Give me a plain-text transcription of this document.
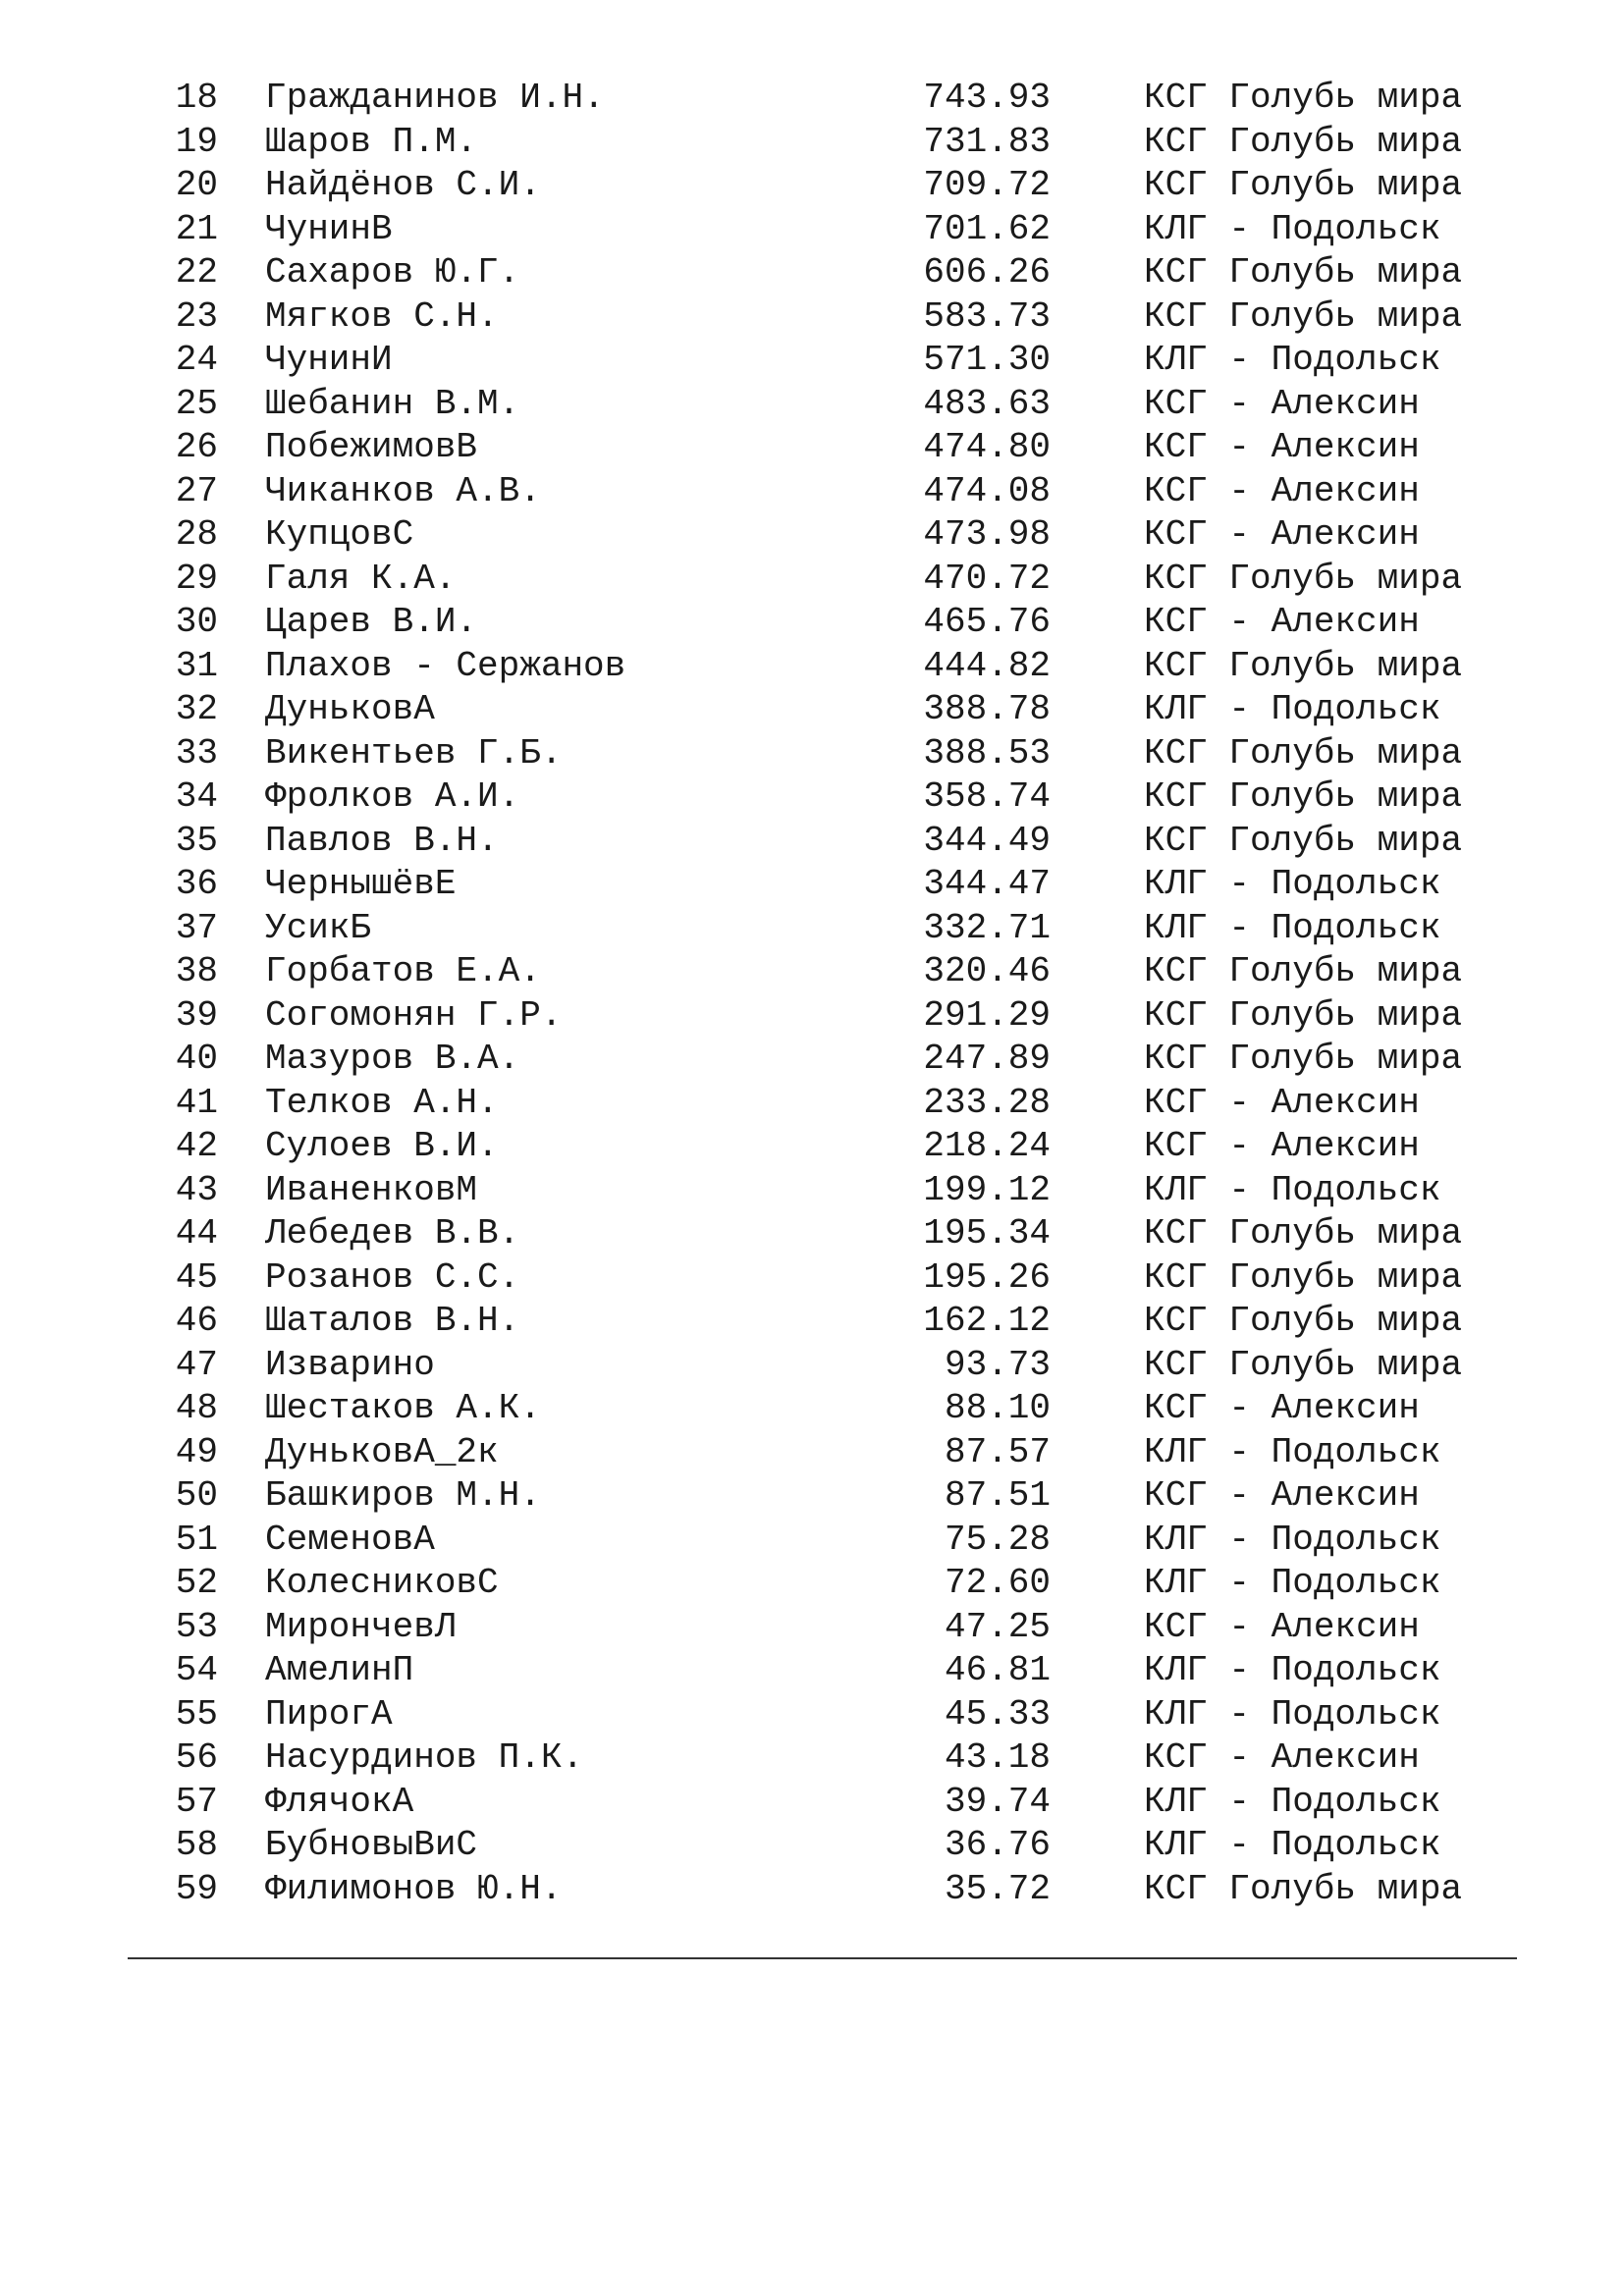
18 Гражданинов И.Н.	743.93	КСГ Голубь мира
19 Шаров П.М.	731.83	КСГ Голубь мира
20 Найдёнов С.И.	709.72	КСГ Голубь мира
21 ЧунинВ	701.62	КЛГ - Подольск
22 Сахаров Ю.Г.	606.26	КСГ Голубь мира
23 Мягков С.Н.	583.73	КСГ Голубь мира
24 ЧунинИ	571.30	КЛГ - Подольск
25 Шебанин В.М.	483.63	КСГ - Алексин
26 ПобежимовВ	474.80	КСГ - Алексин
27 Чиканков А.В.	474.08	КСГ - Алексин
28 КупцовС	473.98	КСГ - Алексин
29 Галя К.А.	470.72	КСГ Голубь мира
30 Царев В.И.	465.76	КСГ - Алексин
31 Плахов - Сержанов	444.82	КСГ Голубь мира
32 ДуньковА	388.78	КЛГ - Подольск
33 Викентьев Г.Б.	388.53	КСГ Голубь мира
34 Фролков А.И.	358.74	КСГ Голубь мира
35 Павлов В.Н.	344.49	КСГ Голубь мира
36 ЧернышёвЕ	344.47	КЛГ - Подольск
37 УсикБ	332.71	КЛГ - Подольск
38 Горбатов Е.А.	320.46	КСГ Голубь мира
39 Согомонян Г.Р.	291.29	КСГ Голубь мира
40 Мазуров В.А.	247.89	КСГ Голубь мира
41 Телков А.Н.	233.28	КСГ - Алексин
42 Сулоев В.И.	218.24	КСГ - Алексин
43 ИваненковМ	199.12	КЛГ - Подольск
44 Лебедев В.В.	195.34	КСГ Голубь мира
45 Розанов С.С.	195.26	КСГ Голубь мира
46 Шаталов В.Н.	162.12	КСГ Голубь мира
47 Изварино	93.73	КСГ Голубь мира
48 Шестаков А.К.	88.10	КСГ - Алексин
49 ДуньковА_2к	87.57	КЛГ - Подольск
50 Башкиров М.Н.	87.51	КСГ - Алексин
51 СеменовА	75.28	КЛГ - Подольск
52 КолесниковС	72.60	КЛГ - Подольск
53 МирончевЛ	47.25	КСГ - Алексин
54 АмелинП	46.81	КЛГ - Подольск
55 ПирогА	45.33	КЛГ - Подольск
56 Насурдинов П.К.	43.18	КСГ - Алексин
57 ФлячокА	39.74	КЛГ - Подольск
58 БубновыВиС	36.76	КЛГ - Подольск
59 Филимонов Ю.Н.	35.72	КСГ Голубь мира
